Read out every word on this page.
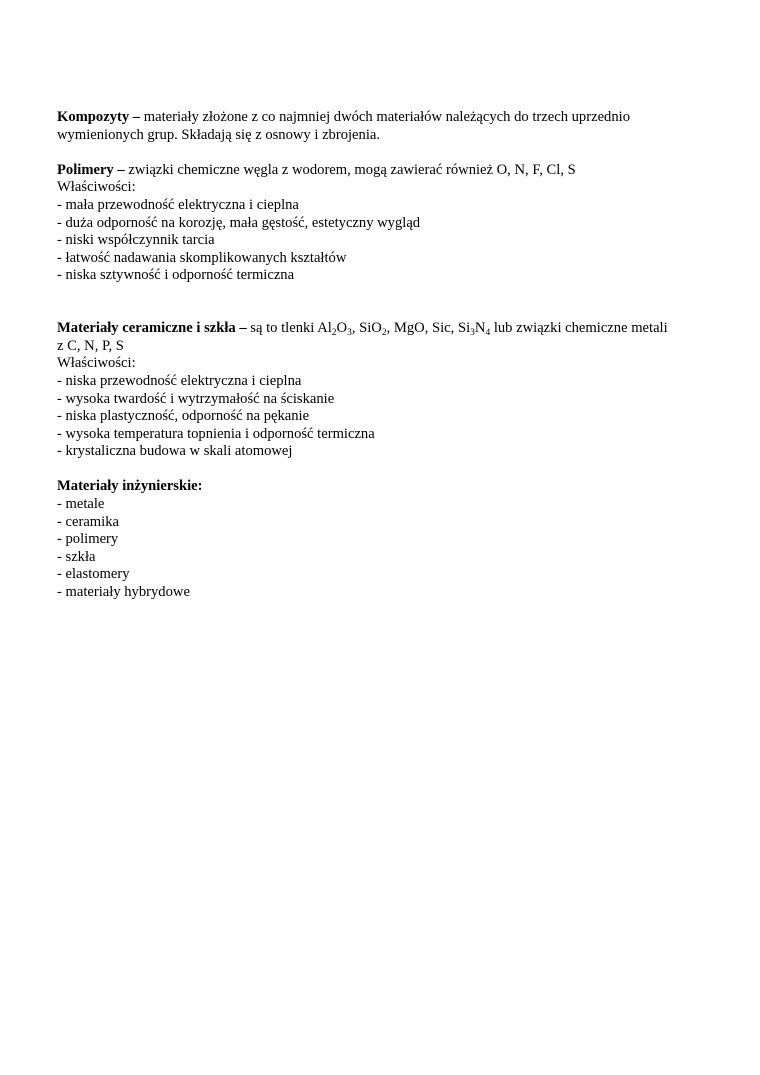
Kompozyty – materiały złożone z co najmniej dwóch materiałów należących do trzech uprzednio
wymienionych grup. Składają się z osnowy i zbrojenia.
Polimery – związki chemiczne węgla z wodorem, mogą zawierać również O, N, F, Cl, S
Właściwości:
- mała przewodność elektryczna i cieplna
- duża odporność na korozję, mała gęstość, estetyczny wygląd
- niski współczynnik tarcia
- łatwość nadawania skomplikowanych kształtów
- niska sztywność i odporność termiczna
Materiały ceramiczne i szkła – są to tlenki $Al_2O_3$, SiO$_2$, MgO, Sic, $Si_3N_4$ lub związki chemiczne metali
z C, N, P, S
Właściwości:
- niska przewodność elektryczna i cieplna
- wysoka twardość i wytrzymałość na ściskanie
- niska plastyczność, odporność na pękanie
- wysoka temperatura topnienia i odporność termiczna
- krystaliczna budowa w skali atomowej
Materiały inżynierskie:
- metale
- ceramika
- polimery
- szkła
- elastomery
- materiały hybrydowe
